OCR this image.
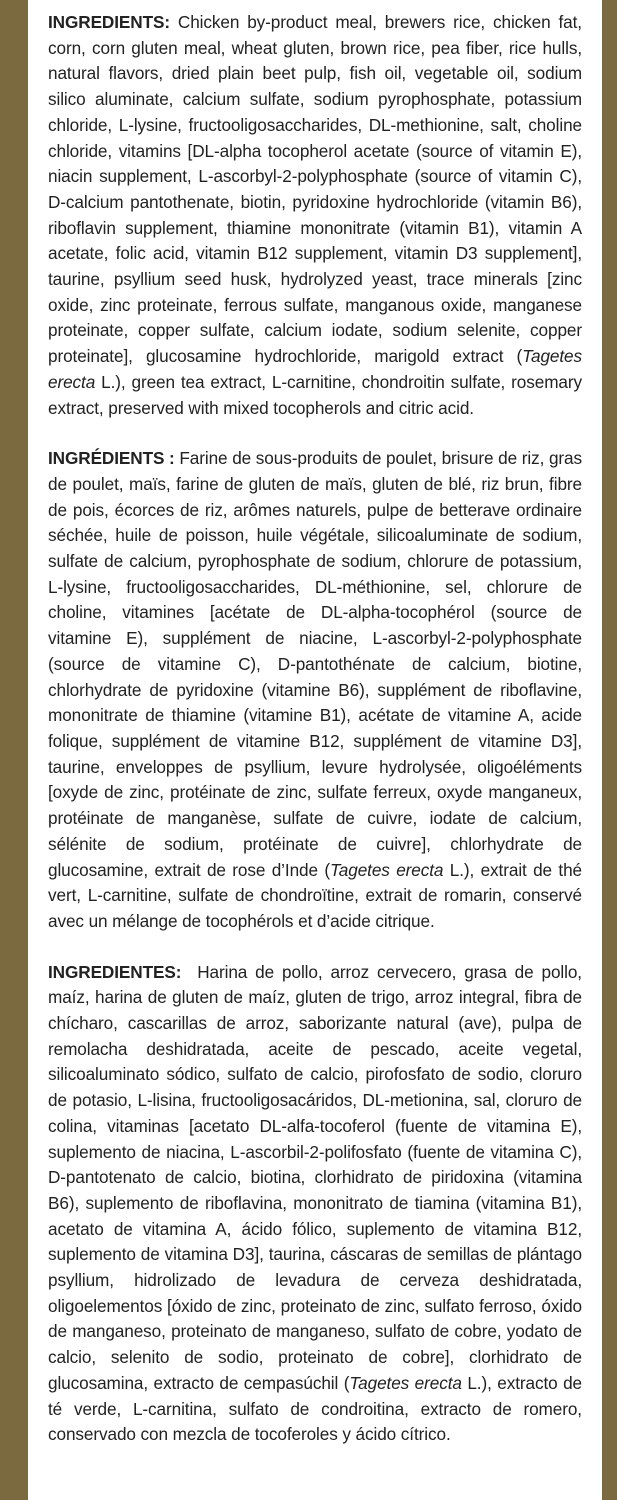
INGREDIENTS: Chicken by-product meal, brewers rice, chicken fat, corn, corn gluten meal, wheat gluten, brown rice, pea fiber, rice hulls, natural flavors, dried plain beet pulp, fish oil, vegetable oil, sodium silico aluminate, calcium sulfate, sodium pyrophosphate, potassium chloride, L-lysine, fructooligosaccharides, DL-methionine, salt, choline chloride, vitamins [DL-alpha tocopherol acetate (source of vitamin E), niacin supplement, L-ascorbyl-2-polyphosphate (source of vitamin C), D-calcium pantothenate, biotin, pyridoxine hydrochloride (vitamin B6), riboflavin supplement, thiamine mononitrate (vitamin B1), vitamin A acetate, folic acid, vitamin B12 supplement, vitamin D3 supplement], taurine, psyllium seed husk, hydrolyzed yeast, trace minerals [zinc oxide, zinc proteinate, ferrous sulfate, manganous oxide, manganese proteinate, copper sulfate, calcium iodate, sodium selenite, copper proteinate], glucosamine hydrochloride, marigold extract (Tagetes erecta L.), green tea extract, L-carnitine, chondroitin sulfate, rosemary extract, preserved with mixed tocopherols and citric acid.

INGRÉDIENTS : Farine de sous-produits de poulet, brisure de riz, gras de poulet, maïs, farine de gluten de maïs, gluten de blé, riz brun, fibre de pois, écorces de riz, arômes naturels, pulpe de betterave ordinaire séchée, huile de poisson, huile végétale, silicoaluminate de sodium, sulfate de calcium, pyrophosphate de sodium, chlorure de potassium, L-lysine, fructooligosaccharides, DL-méthionine, sel, chlorure de choline, vitamines [acétate de DL-alpha-tocophérol (source de vitamine E), supplément de niacine, L-ascorbyl-2-polyphosphate (source de vitamine C), D-pantothénate de calcium, biotine, chlorhydrate de pyridoxine (vitamine B6), supplément de riboflavine, mononitrate de thiamine (vitamine B1), acétate de vitamine A, acide folique, supplément de vitamine B12, supplément de vitamine D3], taurine, enveloppes de psyllium, levure hydrolysée, oligoéléments [oxyde de zinc, protéinate de zinc, sulfate ferreux, oxyde manganeux, protéinate de manganèse, sulfate de cuivre, iodate de calcium, sélénite de sodium, protéinate de cuivre], chlorhydrate de glucosamine, extrait de rose d’Inde (Tagetes erecta L.), extrait de thé vert, L-carnitine, sulfate de chondroïtine, extrait de romarin, conservé avec un mélange de tocophérols et d’acide citrique.

INGREDIENTES:  Harina de pollo, arroz cervecero, grasa de pollo, maíz, harina de gluten de maíz, gluten de trigo, arroz integral, fibra de chícharo, cascarillas de arroz, saborizante natural (ave), pulpa de remolacha deshidratada, aceite de pescado, aceite vegetal, silicoaluminato sódico, sulfato de calcio, pirofosfato de sodio, cloruro de potasio, L-lisina, fructooligosacáridos, DL-metionina, sal, cloruro de colina, vitaminas [acetato DL-alfa-tocoferol (fuente de vitamina E), suplemento de niacina, L-ascorbil-2-polifosfato (fuente de vitamina C), D-pantotenato de calcio, biotina, clorhidrato de piridoxina (vitamina B6), suplemento de riboflavina, mononitrato de tiamina (vitamina B1), acetato de vitamina A, ácido fólico, suplemento de vitamina B12, suplemento de vitamina D3], taurina, cáscaras de semillas de plántago psyllium, hidrolizado de levadura de cerveza deshidratada, oligoelementos [óxido de zinc, proteinato de zinc, sulfato ferroso, óxido de manganeso, proteinato de manganeso, sulfato de cobre, yodato de calcio, selenito de sodio, proteinato de cobre], clorhidrato de glucosamina, extracto de cempasúchil (Tagetes erecta L.), extracto de té verde, L-carnitina, sulfato de condroitina, extracto de romero, conservado con mezcla de tocoferoles y ácido cítrico.
